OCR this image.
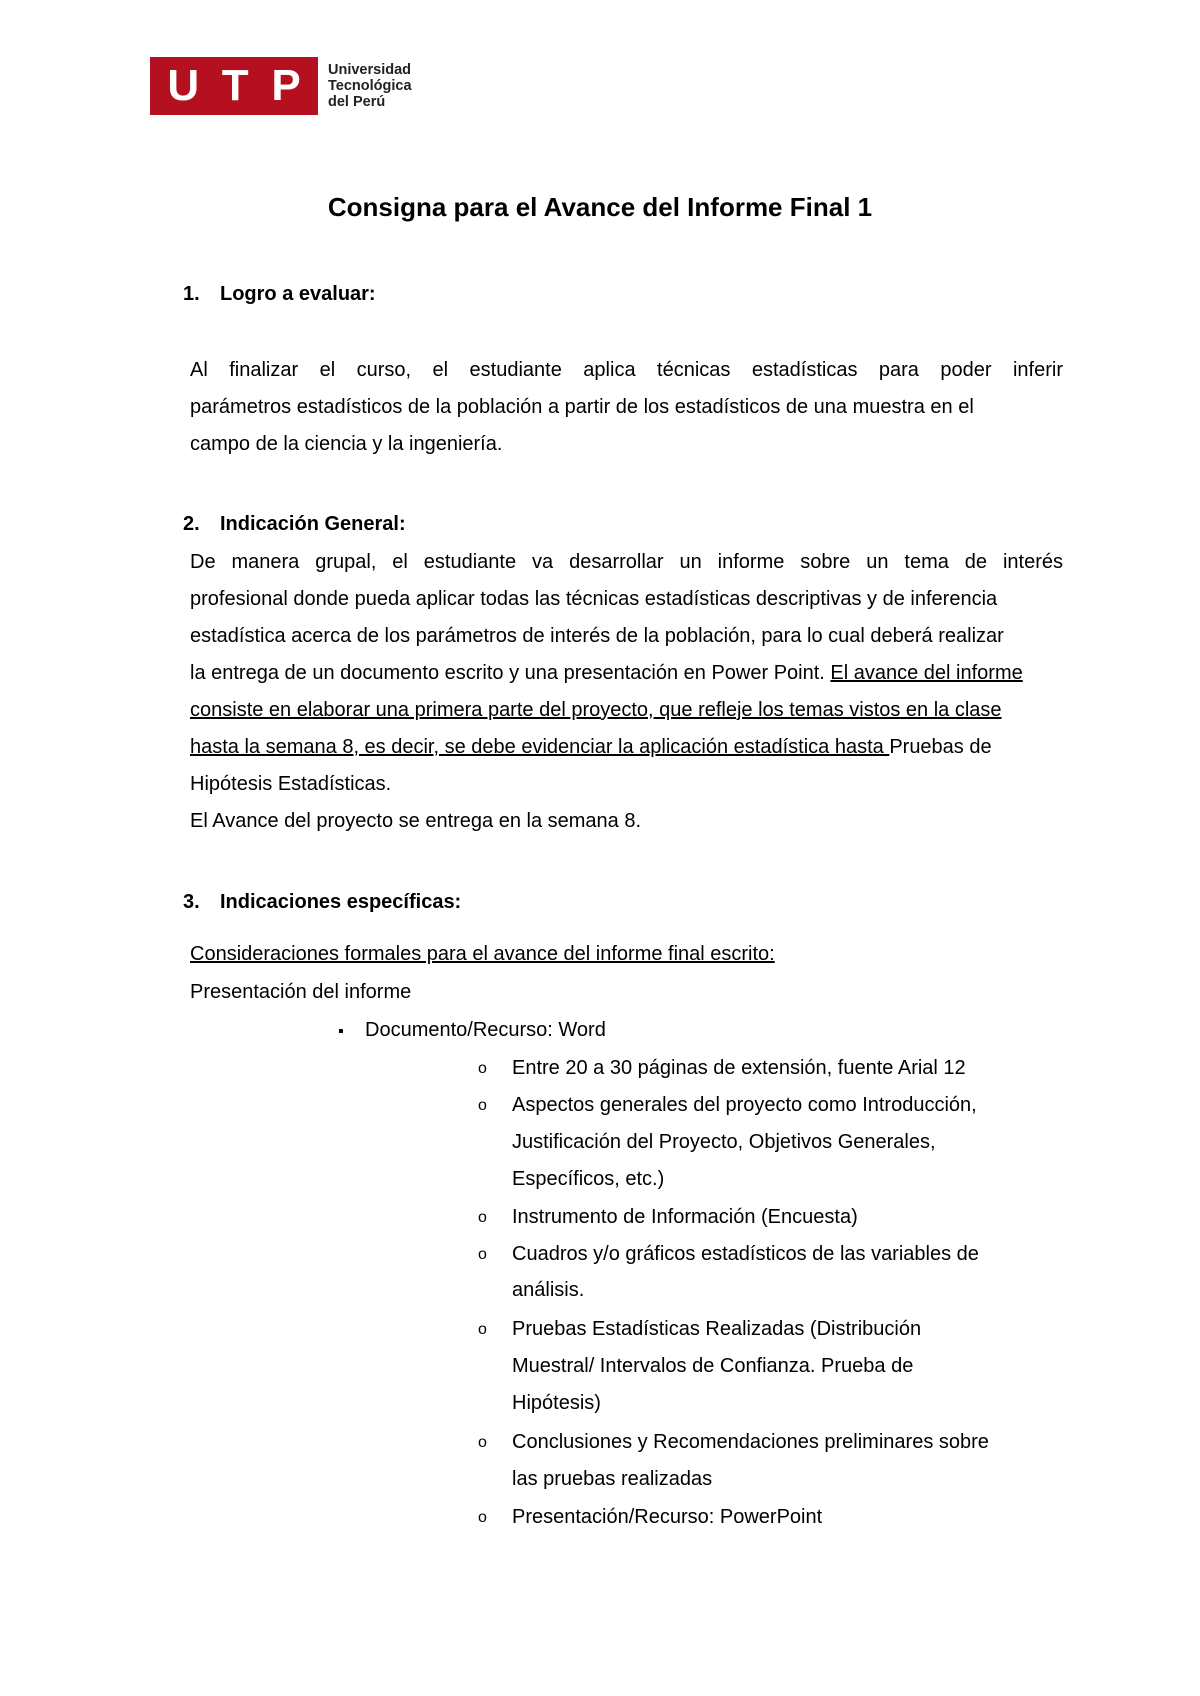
U T P Universidad
Tecnológica
del Perú
Consigna para el Avance del Informe Final 1
1. Logro a evaluar:
Al finalizar el curso, el estudiante aplica técnicas estadísticas para poder inferir
parámetros estadísticos de la población a partir de los estadísticos de una muestra en el
campo de la ciencia y la ingeniería.
2. Indicación General:
De manera grupal, el estudiante va desarrollar un informe sobre un tema de interés
profesional donde pueda aplicar todas las técnicas estadísticas descriptivas y de inferencia
estadística acerca de los parámetros de interés de la población, para lo cual deberá realizar
la entrega de un documento escrito y una presentación en Power Point. El avance del informe
consiste en elaborar una primera parte del proyecto, que refleje los temas vistos en la clase
hasta la semana 8, es decir, se debe evidenciar la aplicación estadística hasta Pruebas de
Hipótesis Estadísticas.
El Avance del proyecto se entrega en la semana 8.
3. Indicaciones específicas:
Consideraciones formales para el avance del informe final escrito:
Presentación del informe
▪ Documento/Recurso: Word
o Entre 20 a 30 páginas de extensión, fuente Arial 12
o Aspectos generales del proyecto como Introducción,
Justificación del Proyecto, Objetivos Generales,
Específicos, etc.)
o Instrumento de Información (Encuesta)
o Cuadros y/o gráficos estadísticos de las variables de
análisis.
o Pruebas Estadísticas Realizadas (Distribución
Muestral/ Intervalos de Confianza. Prueba de
Hipótesis)
o Conclusiones y Recomendaciones preliminares sobre
las pruebas realizadas
o Presentación/Recurso: PowerPoint
